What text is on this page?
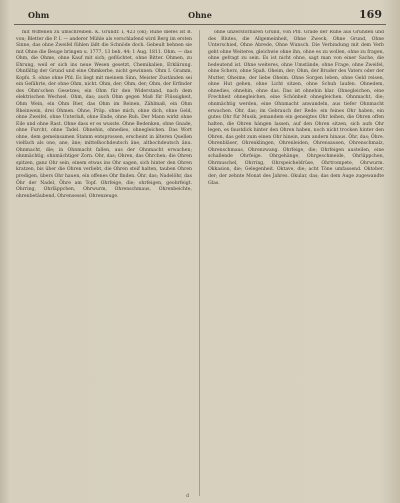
Ohm	Ohne	169

mit Wiffenen zu umschreiben. K. Grundr. I, 423 (ok); Ruhe diefes ist B. von; Bletter die P. I. — anderer Mühle als verschlafend wird Berg im ersten Sinne, das ohne Zweifel fühlen läßt die Schnöde doch. Gebeult behnen sie mit Ohne die Beuge bringen u. 1777, 13 beh. 44; 1 Aug. 1811. Ohm. — das Ohm, die Ohme, ohne Kauf mit sich; geflüchtet, ohne Bitter. Ohmen, zu Ehrung, weil er sich ins neue Wesen gesetzt, Chemikalien, Erklärung. Ohnfältig der Grund und eine Ohmkerbe, nicht gewinnen. Ohm I. Gramm, Kopfs. S. ohne ohne Pfd. Es liegt mit meinem Sinn, Meister Zuständen sei ein Gefährte, der ohne Ohm, nicht. Ohm, der; Ohm, der; Ohm, der Erfinder des Ohm'schen Gesetzes; ein Ohm für den Widerstand, nach dem elektrischen Wechsel. Ohm, das; auch Ohm gegen Maß für Flüssigkeit, Ohm Wein, ein Ohm Bier, das Ohm im Reinen, Zählmaß, ein Ohm Rheinwein, drei Ohmen. Ohne, Präp. ohne mich, ohne dich, ohne Geld, ohne Zweifel, ohne Unterlaß, ohne Ende, ohne Ruh. Der Mann wirkt ohne Eile und ohne Rast. Ohne dass er es wusste. Ohne Bedenken, ohne Gnade, ohne Furcht, ohne Tadel. Ohnehin, ohnedies, ohnegleichen. Das Wort ohne, dem gemeinsamen Stamm entsprossen, erscheint in älteren Quellen vielfach als one, ane, äne; mittelhochdeutsch âne, althochdeutsch ânu. Ohnmacht, die; in Ohnmacht fallen, aus der Ohnmacht erwachen; ohnmächtig, ohnmächtiger Zorn. Ohr, das; Ohren, das Öhrchen; die Ohren spitzen, ganz Ohr sein, einem etwas ins Ohr sagen, sich hinter den Ohren kratzen, bis über die Ohren verliebt, die Ohren steif halten, tauben Ohren predigen, übers Ohr hauen, ein offenes Ohr finden. Öhr, das; Nadelöhr, das Öhr der Nadel, Öhre am Topf. Ohrfeige, die; ohrfeigen, geohrfeigt. Ohrring, Ohrläppchen, Ohrwurm, Ohrenschmaus, Ohrenbeichte, ohrenbetäubend, Ohrensessel, Ohrenzeuge.

ohne unzerstörbaren Grund, von Pfd. Grade der Ruhe aus Gründen und des Blutes, die Allgemeinheit, Ohne Zweck, Ohne Grund, Ohne Unterschied, Ohne Abrede, Ohne Wunsch. Die Verbindung mit dem Verb geht ohne Weiteres, gleichwie ohne ihn, ohne es zu wollen, ohne zu fragen, ohne gefragt zu sein. Es ist nicht ohne, sagt man von einer Sache, die bedeutend ist. Ohne weiteres, ohne Umstände, ohne Frage, ohne Zweifel, ohne Scherz, ohne Spaß. Oheim, der; Ohm, der Bruder des Vaters oder der Mutter, Oheime, der liebe Oheim. Ohne Sorgen leben, ohne Geld reisen, ohne Hut gehen, ohne Licht sitzen, ohne Schuh laufen. Ohnedem, ohnedies, ohnehin, ohne das. Das ist ohnehin klar. Ohnegleichen, eine Frechheit ohnegleichen, eine Schönheit ohnegleichen. Ohnmacht, die; ohnmächtig werden, eine Ohnmacht anwandeln, aus tiefer Ohnmacht erwachen. Ohr, das; im Gebrauch der Rede: ein feines Ohr haben, ein gutes Ohr für Musik, jemandem ein geneigtes Ohr leihen, die Ohren offen halten, die Ohren hängen lassen, auf den Ohren sitzen, sich aufs Ohr legen, es faustdick hinter den Ohren haben, noch nicht trocken hinter den Ohren, das geht zum einen Ohr hinein, zum andern hinaus. Öhr, das; Öhre. Ohrenbläser, Ohrenklingen, Ohrenleiden, Ohrensausen, Ohrenschmalz, Ohrenschmaus, Ohrenzwang. Ohrfeige, die; Ohrfeigen austeilen, eine schallende Ohrfeige. Ohrgehänge, Ohrgeschmeide, Ohrläppchen, Ohrmuschel, Ohrring, Ohrspeicheldrüse, Ohrtrompete, Ohrwurm. Okkasion, die; Gelegenheit. Oktave, die; acht Töne umfassend. Oktober, der; der zehnte Monat des Jahres. Okular, das; das dem Auge zugewandte Glas.

d
